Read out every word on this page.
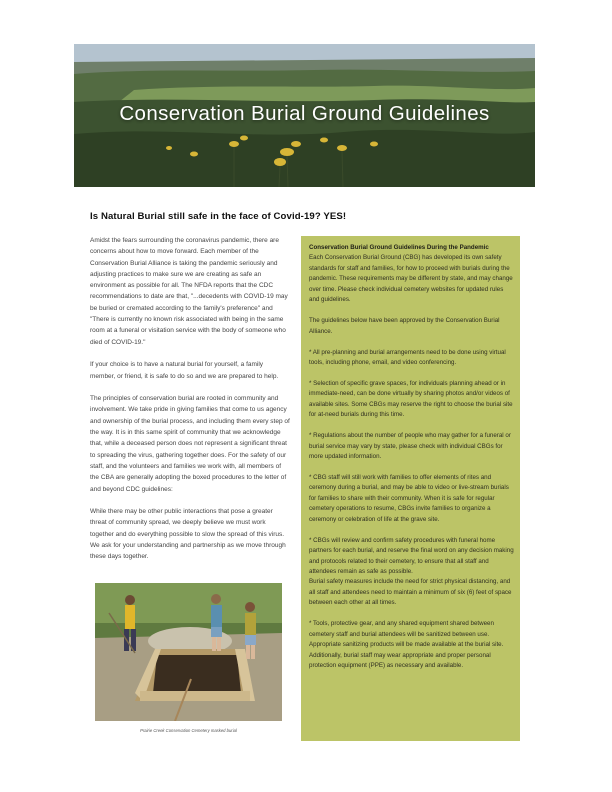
Conservation Burial Ground Guidelines
Is Natural Burial still safe in the face of Covid-19? YES!

Amidst the fears surrounding the coronavirus pandemic, there are concerns about how to move forward. Each member of the Conservation Burial Alliance is taking the pandemic seriously and adjusting practices to make sure we are creating as safe an environment as possible for all. The NFDA reports that the CDC recommendations to date are that, "...decedents with COVID-19 may be buried or cremated according to the family's preference" and "There is currently no known risk associated with being in the same room at a funeral or visitation service with the body of someone who died of COVID-19."

If your choice is to have a natural burial for yourself, a family member, or friend, it is safe to do so and we are prepared to help.

The principles of conservation burial are rooted in community and involvement. We take pride in giving families that come to us agency and ownership of the burial process, and including them every step of the way. It is in this same spirit of community that we acknowledge that, while a deceased person does not represent a significant threat to spreading the virus, gathering together does. For the safety of our staff, and the volunteers and families we work with, all members of the CBA are generally adopting the boxed procedures to the letter of and beyond CDC guidelines:

While there may be other public interactions that pose a greater threat of community spread, we deeply believe we must work together and do everything possible to slow the spread of this virus. We ask for your understanding and partnership as we move through these days together.

Prairie Creek Conservation Cemetery masked burial

Conservation Burial Ground Guidelines During the Pandemic
Each Conservation Burial Ground (CBG) has developed its own safety standards for staff and families, for how to proceed with burials during the pandemic. These requirements may be different by state, and may change over time. Please check individual cemetery websites for updated rules and guidelines.

The guidelines below have been approved by the Conservation Burial Alliance.

* All pre-planning and burial arrangements need to be done using virtual tools, including phone, email, and video conferencing.

* Selection of specific grave spaces, for individuals planning ahead or in immediate-need, can be done virtually by sharing photos and/or videos of available sites. Some CBGs may reserve the right to choose the burial site for at-need burials during this time.

* Regulations about the number of people who may gather for a funeral or burial service may vary by state, please check with individual CBGs for more updated information.

* CBG staff will still work with families to offer elements of rites and ceremony during a burial, and may be able to video or live-stream burials for families to share with their community. When it is safe for regular cemetery operations to resume, CBGs invite families to organize a ceremony or celebration of life at the grave site.

* CBGs will review and confirm safety procedures with funeral home partners for each burial, and reserve the final word on any decision making and protocols related to their cemetery, to ensure that all staff and attendees remain as safe as possible.

Burial safety measures include the need for strict physical distancing, and all staff and attendees need to maintain a minimum of six (6) feet of space between each other at all times.

* Tools, protective gear, and any shared equipment shared between cemetery staff and burial attendees will be sanitized between use. Appropriate sanitizing products will be made available at the burial site. Additionally, burial staff may wear appropriate and proper personal protection equipment (PPE) as necessary and available.
